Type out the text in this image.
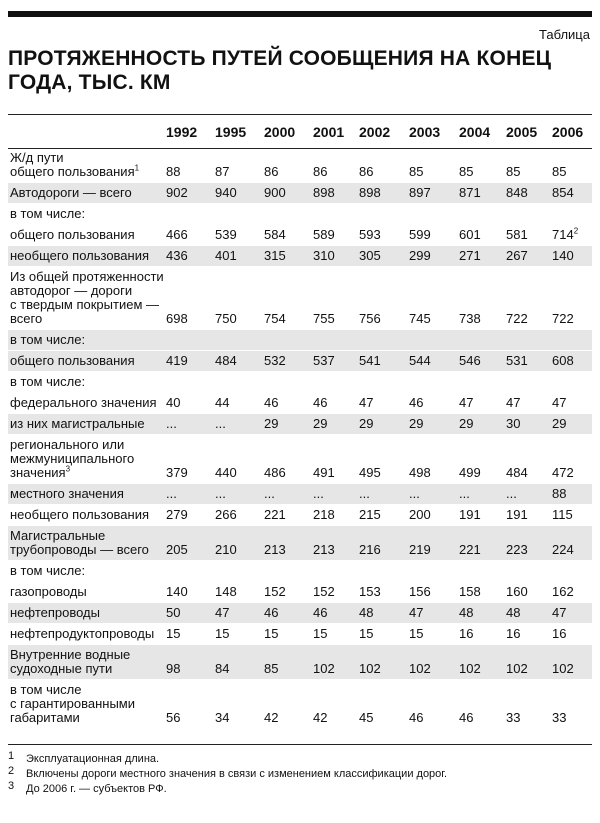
Таблица
ПРОТЯЖЕННОСТЬ ПУТЕЙ СООБЩЕНИЯ НА КОНЕЦ ГОДА, ТЫС. КМ
	1992	1995	2000	2001	2002	2003	2004	2005	2006
Ж/д пути
общего пользования$^1$	88	87	86	86	86	85	85	85	85
Автодороги — всего	902	940	900	898	898	897	871	848	854
в том числе:									
общего пользования	466	539	584	589	593	599	601	581	$714^2$
необщего пользования	436	401	315	310	305	299	271	267	140
Из общей протяженности
автодорог — дороги
с твердым покрытием —
всего	698	750	754	755	756	745	738	722	722
в том числе:									
общего пользования	419	484	532	537	541	544	546	531	608
в том числе:									
федерального значения	40	44	46	46	47	46	47	47	47
из них магистральные	...	...	29	29	29	29	29	30	29
регионального или
межмуниципального
значения$^3$	379	440	486	491	495	498	499	484	472
местного значения	...	...	...	...	...	...	...	...	88
необщего пользования	279	266	221	218	215	200	191	191	115
Магистральные
трубопроводы — всего	205	210	213	213	216	219	221	223	224
в том числе:									
газопроводы	140	148	152	152	153	156	158	160	162
нефтепроводы	50	47	46	46	48	47	48	48	47
нефтепродуктопроводы	15	15	15	15	15	15	16	16	16
Внутренние водные
судоходные пути	98	84	85	102	102	102	102	102	102
в том числе
с гарантированными
габаритами	56	34	42	42	45	46	46	33	33
1	Эксплуатационная длина.
2	Включены дороги местного значения в связи с изменением классификации дорог.
3	До 2006 г. — субъектов РФ.
